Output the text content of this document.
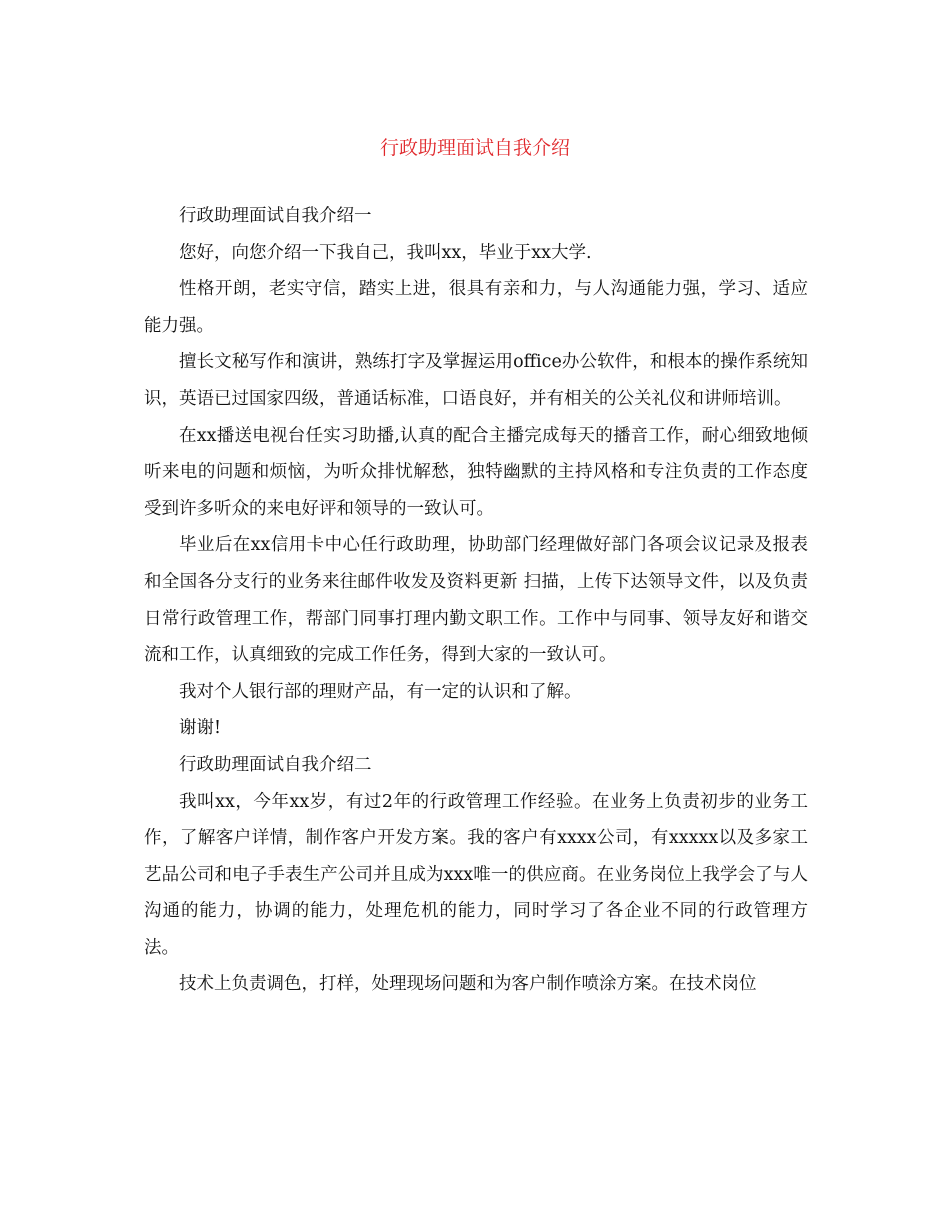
行政助理面试自我介绍

行政助理面试自我介绍一

您好，向您介绍一下我自己，我叫xx，毕业于xx大学.

性格开朗，老实守信，踏实上进，很具有亲和力，与人沟通能力强，学习、适应能力强。

擅长文秘写作和演讲，熟练打字及掌握运用office办公软件，和根本的操作系统知识，英语已过国家四级，普通话标准，口语良好，并有相关的公关礼仪和讲师培训。

在xx播送电视台任实习助播,认真的配合主播完成每天的播音工作，耐心细致地倾听来电的问题和烦恼，为听众排忧解愁，独特幽默的主持风格和专注负责的工作态度受到许多听众的来电好评和领导的一致认可。

毕业后在xx信用卡中心任行政助理，协助部门经理做好部门各项会议记录及报表和全国各分支行的业务来往邮件收发及资料更新 扫描，上传下达领导文件，以及负责日常行政管理工作，帮部门同事打理内勤文职工作。工作中与同事、领导友好和谐交流和工作，认真细致的完成工作任务，得到大家的一致认可。

我对个人银行部的理财产品，有一定的认识和了解。

谢谢!

行政助理面试自我介绍二

我叫xx，今年xx岁，有过2年的行政管理工作经验。在业务上负责初步的业务工作，了解客户详情，制作客户开发方案。我的客户有xxxx公司，有xxxxx以及多家工艺品公司和电子手表生产公司并且成为xxx唯一的供应商。在业务岗位上我学会了与人沟通的能力，协调的能力，处理危机的能力，同时学习了各企业不同的行政管理方法。

技术上负责调色，打样，处理现场问题和为客户制作喷涂方案。在技术岗位
